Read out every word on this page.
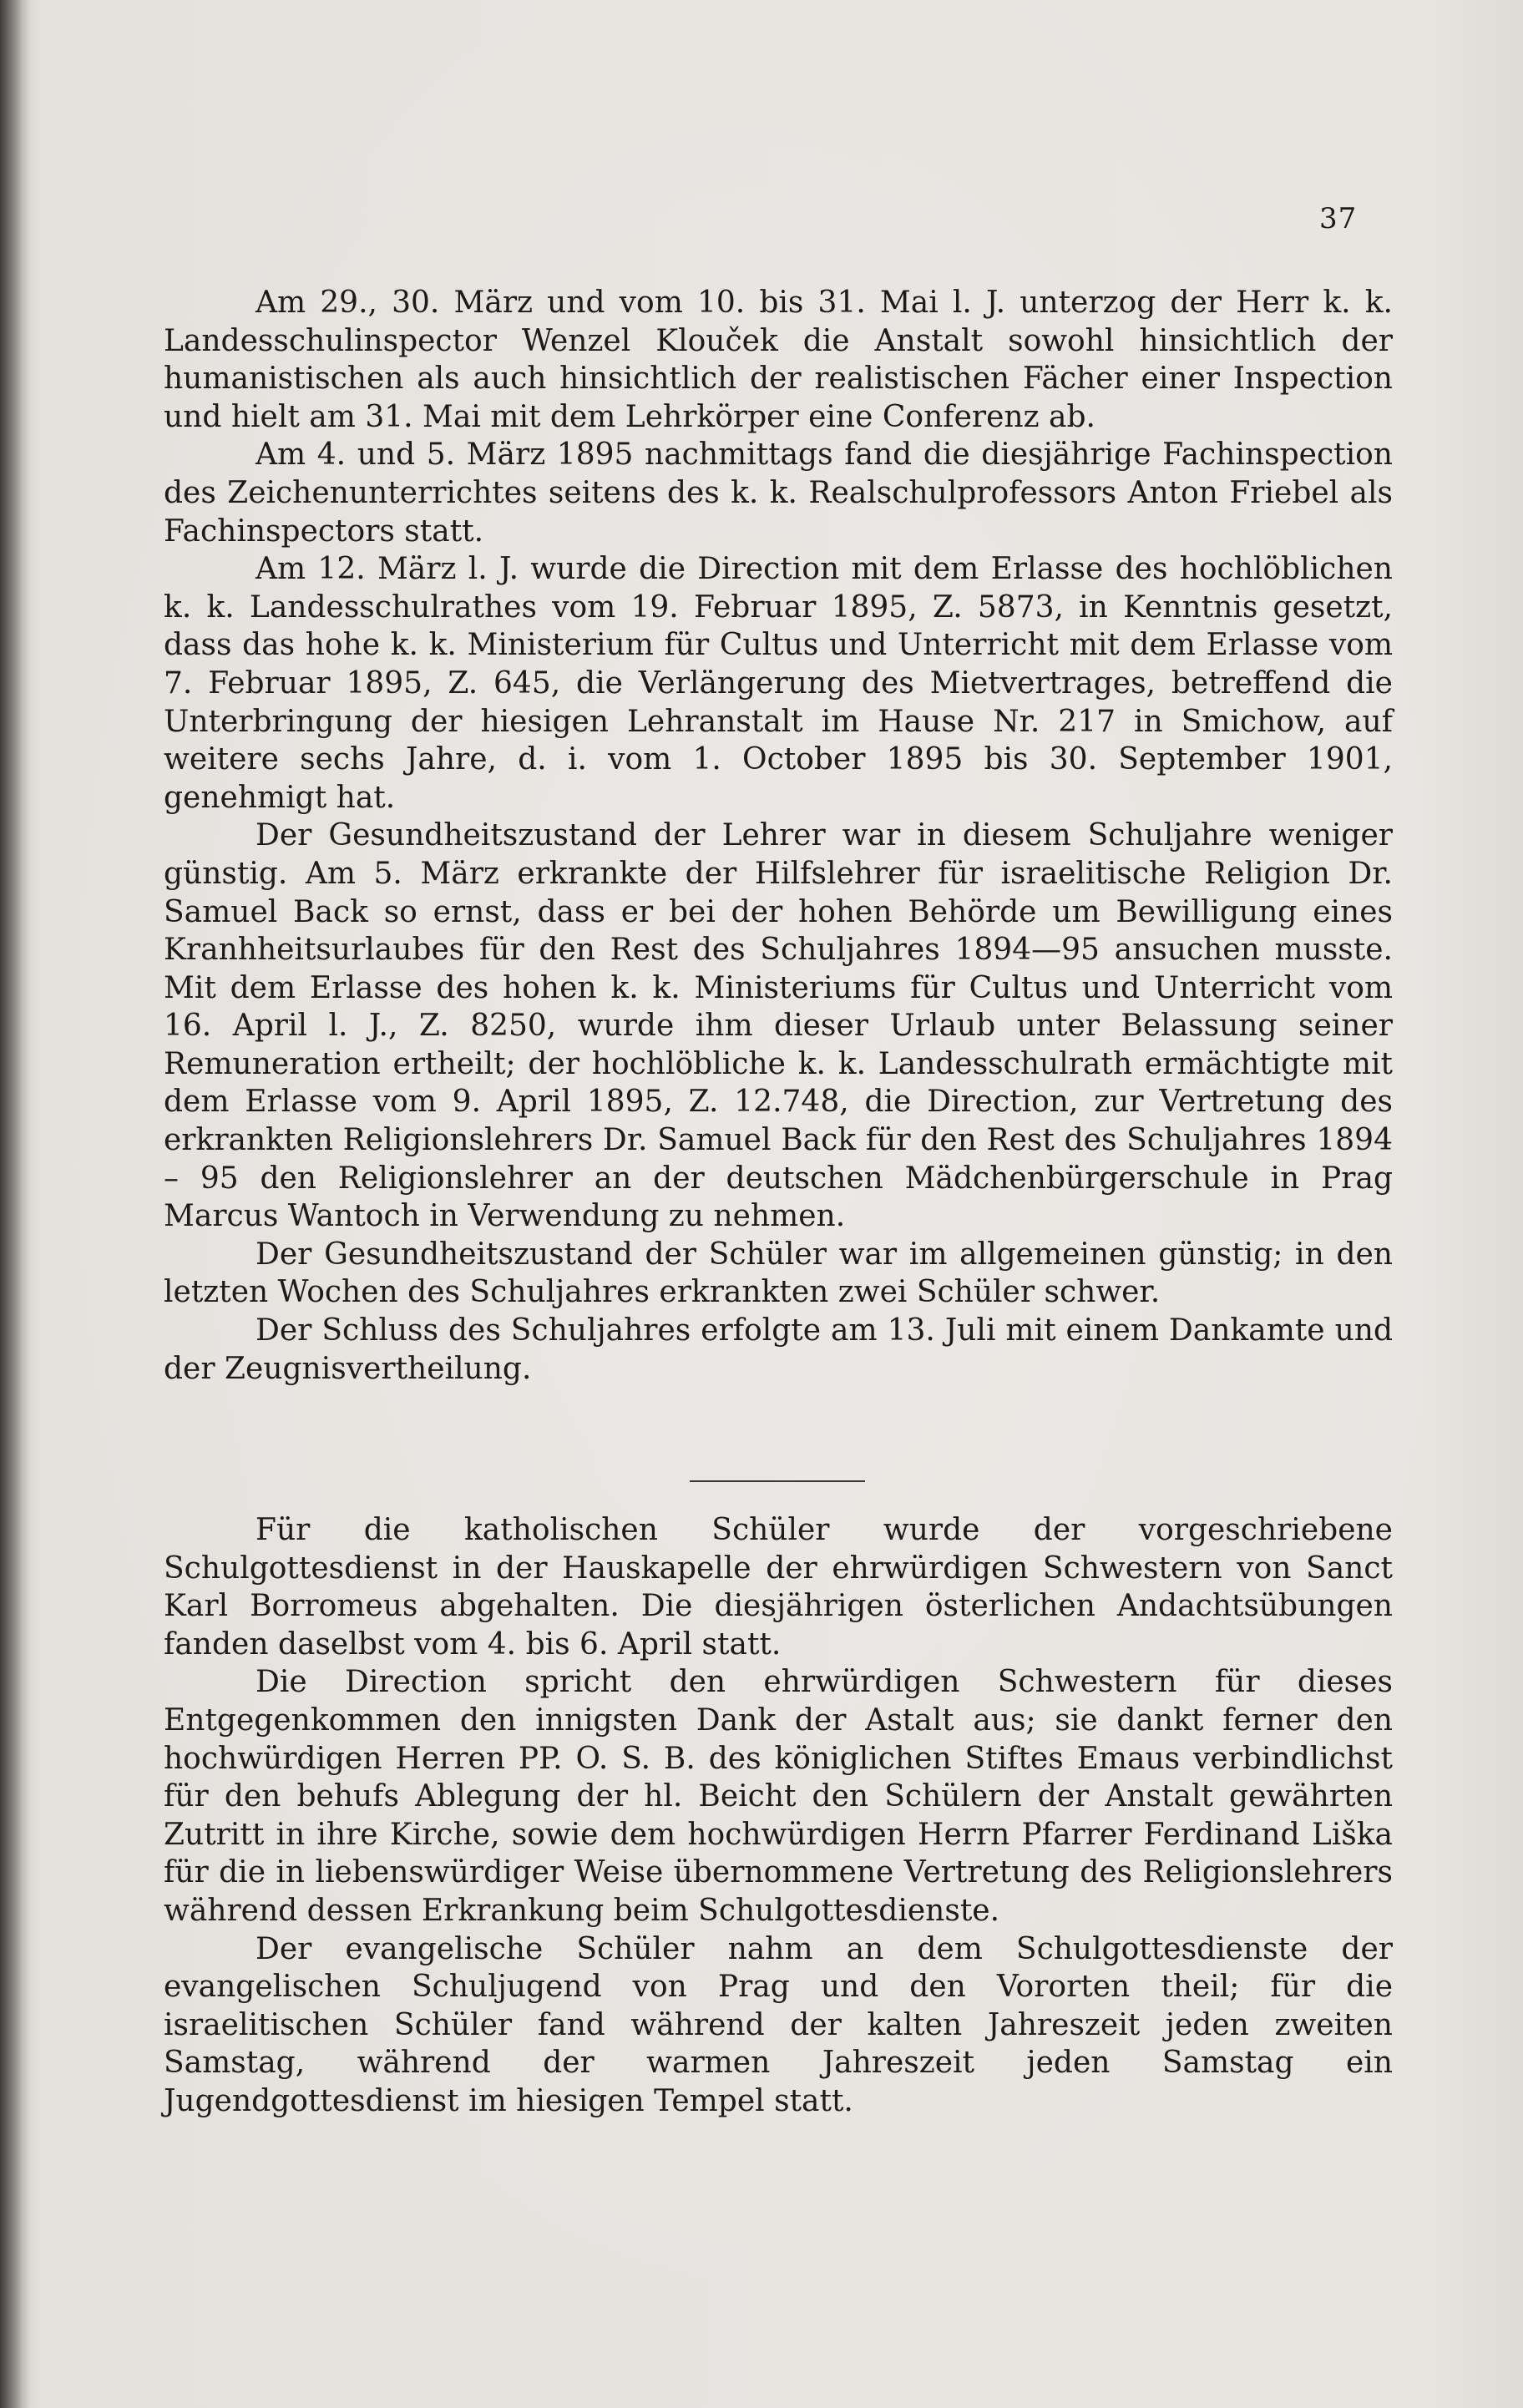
37

Am 29., 30. März und vom 10. bis 31. Mai l. J. unterzog der Herr k. k. Landesschulinspector Wenzel Klouček die Anstalt sowohl hinsichtlich der humanistischen als auch hinsichtlich der realistischen Fächer einer Inspection und hielt am 31. Mai mit dem Lehrkörper eine Conferenz ab.

Am 4. und 5. März 1895 nachmittags fand die diesjährige Fachinspection des Zeichenunterrichtes seitens des k. k. Realschulprofessors Anton Friebel als Fachinspectors statt.

Am 12. März l. J. wurde die Direction mit dem Erlasse des hochlöblichen k. k. Landesschulrathes vom 19. Februar 1895, Z. 5873, in Kenntnis gesetzt, dass das hohe k. k. Ministerium für Cultus und Unterricht mit dem Erlasse vom 7. Februar 1895, Z. 645, die Verlängerung des Mietvertrages, betreffend die Unterbringung der hiesigen Lehranstalt im Hause Nr. 217 in Smichow, auf weitere sechs Jahre, d. i. vom 1. October 1895 bis 30. September 1901, genehmigt hat.

Der Gesundheitszustand der Lehrer war in diesem Schuljahre weniger günstig. Am 5. März erkrankte der Hilfslehrer für israelitische Religion Dr. Samuel Back so ernst, dass er bei der hohen Behörde um Bewilligung eines Kranhheitsurlaubes für den Rest des Schuljahres 1894—95 ansuchen musste. Mit dem Erlasse des hohen k. k. Ministeriums für Cultus und Unterricht vom 16. April l. J., Z. 8250, wurde ihm dieser Urlaub unter Belassung seiner Remuneration ertheilt; der hochlöbliche k. k. Landesschulrath ermächtigte mit dem Erlasse vom 9. April 1895, Z. 12.748, die Direction, zur Vertretung des erkrankten Religionslehrers Dr. Samuel Back für den Rest des Schuljahres 1894 – 95 den Religionslehrer an der deutschen Mädchenbürgerschule in Prag Marcus Wantoch in Verwendung zu nehmen.

Der Gesundheitszustand der Schüler war im allgemeinen günstig; in den letzten Wochen des Schuljahres erkrankten zwei Schüler schwer.

Der Schluss des Schuljahres erfolgte am 13. Juli mit einem Dankamte und der Zeugnisvertheilung.

Für die katholischen Schüler wurde der vorgeschriebene Schulgottesdienst in der Hauskapelle der ehrwürdigen Schwestern von Sanct Karl Borromeus abgehalten. Die diesjährigen österlichen Andachtsübungen fanden daselbst vom 4. bis 6. April statt.

Die Direction spricht den ehrwürdigen Schwestern für dieses Entgegenkommen den innigsten Dank der Astalt aus; sie dankt ferner den hochwürdigen Herren PP. O. S. B. des königlichen Stiftes Emaus verbindlichst für den behufs Ablegung der hl. Beicht den Schülern der Anstalt gewährten Zutritt in ihre Kirche, sowie dem hochwürdigen Herrn Pfarrer Ferdinand Liška für die in liebenswürdiger Weise übernommene Vertretung des Religionslehrers während dessen Erkrankung beim Schulgottesdienste.

Der evangelische Schüler nahm an dem Schulgottesdienste der evangelischen Schuljugend von Prag und den Vororten theil; für die israelitischen Schüler fand während der kalten Jahreszeit jeden zweiten Samstag, während der warmen Jahreszeit jeden Samstag ein Jugendgottesdienst im hiesigen Tempel statt.
